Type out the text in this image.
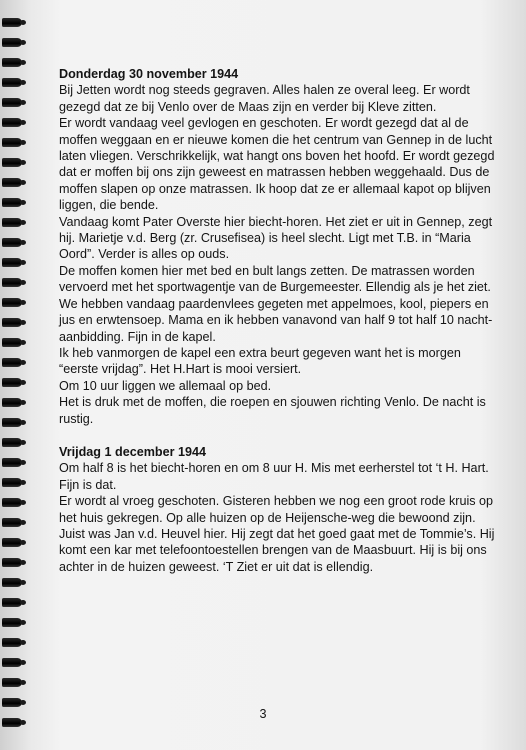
Donderdag 30 november 1944

Bij Jetten wordt nog steeds gegraven. Alles halen ze overal leeg. Er wordt gezegd dat ze bij Venlo over de Maas zijn en verder bij Kleve zitten.

Er wordt vandaag veel gevlogen en geschoten. Er wordt gezegd dat al de moffen weggaan en er nieuwe komen die het centrum van Gennep in de lucht laten vliegen. Verschrikkelijk, wat hangt ons boven het hoofd. Er wordt gezegd dat er moffen bij ons zijn geweest en matrassen hebben weggehaald. Dus de moffen slapen op onze matrassen. Ik hoop dat ze er allemaal kapot op blijven liggen, die bende.

Vandaag komt Pater Overste hier biecht-horen. Het ziet er uit in Gennep, zegt hij. Marietje v.d. Berg (zr. Crusefisea) is heel slecht. Ligt met T.B. in “Maria Oord”. Verder is alles op ouds.

De moffen komen hier met bed en bult langs zetten. De matrassen worden vervoerd met het sportwagentje van de Burgemeester. Ellendig als je het ziet.

We hebben vandaag paardenvlees gegeten met appelmoes, kool, piepers en jus en erwtensoep. Mama en ik hebben vanavond van half 9 tot half 10 nacht-aanbidding. Fijn in de kapel.

Ik heb vanmorgen de kapel een extra beurt gegeven want het is morgen “eerste vrijdag”. Het H.Hart is mooi versiert.

Om 10 uur liggen we allemaal op bed.

Het is druk met de moffen, die roepen en sjouwen richting Venlo. De nacht is rustig.

Vrijdag 1 december 1944

Om half 8 is het biecht-horen en om 8 uur H. Mis met eerherstel tot ‘t H. Hart. Fijn is dat.

Er wordt al vroeg geschoten. Gisteren hebben we nog een groot rode kruis op het huis gekregen. Op alle huizen op de Heijensche-weg die bewoond zijn.

Juist was Jan v.d. Heuvel hier. Hij zegt dat het goed gaat met de Tommie’s. Hij komt een kar met telefoontoestellen brengen van de Maasbuurt. Hij is bij ons achter in de huizen geweest. ‘T Ziet er uit dat is ellendig.

3
